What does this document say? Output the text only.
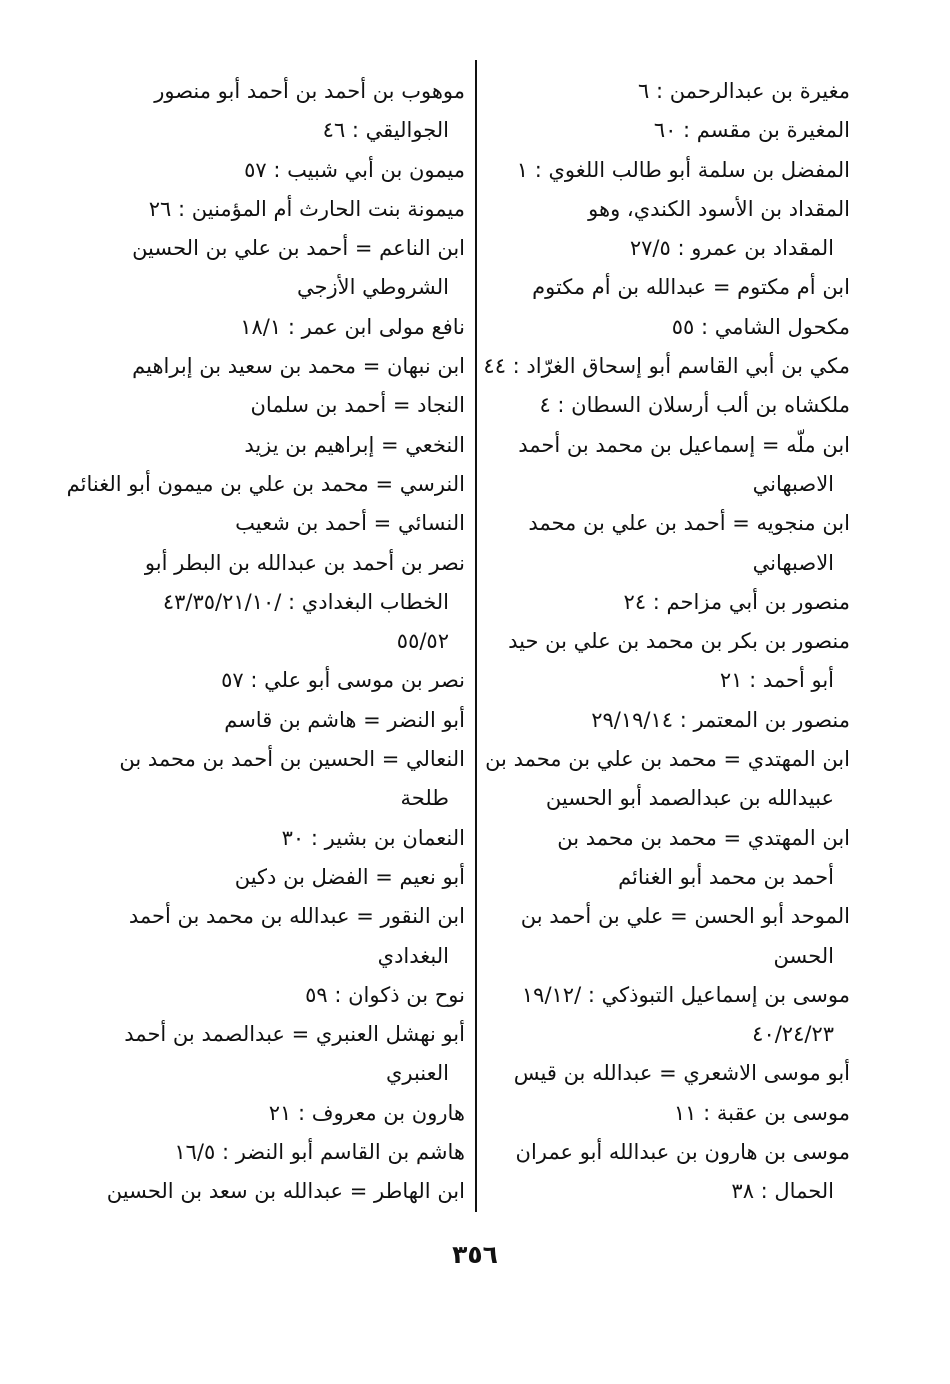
مغيرة بن عبدالرحمن : ٦
المغيرة بن مقسم : ٦٠
المفضل بن سلمة أبو طالب اللغوي : ١
المقداد بن الأسود الكندي، وهو
المقداد بن عمرو : ٢٧/٥
ابن أم مكتوم = عبدالله بن أم مكتوم
مكحول الشامي : ٥٥
مكي بن أبي القاسم أبو إسحاق الغرّاد : ٤٤
ملكشاه بن ألب أرسلان السطان : ٤
ابن ملّه = إسماعيل بن محمد بن أحمد
الاصبهاني
ابن منجويه = أحمد بن علي بن محمد
الاصبهاني
منصور بن أبي مزاحم : ٢٤
منصور بن بكر بن محمد بن علي بن حيد
أبو أحمد : ٢١
منصور بن المعتمر : ٢٩/١٩/١٤
ابن المهتدي = محمد بن علي بن محمد بن
عبيدالله بن عبدالصمد أبو الحسين
ابن المهتدي = محمد بن محمد بن
أحمد بن محمد أبو الغنائم
الموحد أبو الحسن = علي بن أحمد بن
الحسن
موسى بن إسماعيل التبوذكي : /١٩/١٢
٤٠/٢٤/٢٣
أبو موسى الاشعري = عبدالله بن قيس
موسى بن عقبة : ١١
موسى بن هارون بن عبدالله أبو عمران
الحمال : ٣٨
موهوب بن أحمد بن أحمد أبو منصور
الجواليقي : ٤٦
ميمون بن أبي شبيب : ٥٧
ميمونة بنت الحارث أم المؤمنين : ٢٦
ابن الناعم = أحمد بن علي بن الحسين
الشروطي الأزجي
نافع مولى ابن عمر : ١٨/١
ابن نبهان = محمد بن سعيد بن إبراهيم
النجاد = أحمد بن سلمان
النخعي = إبراهيم بن يزيد
النرسي = محمد بن علي بن ميمون أبو الغنائم
النسائي = أحمد بن شعيب
نصر بن أحمد بن عبدالله بن البطر أبو
الخطاب البغدادي : /٤٣/٣٥/٢١/١٠
٥٥/٥٢
نصر بن موسى أبو علي : ٥٧
أبو النضر = هاشم بن قاسم
النعالي = الحسين بن أحمد بن محمد بن
طلحة
النعمان بن بشير : ٣٠
أبو نعيم = الفضل بن دكين
ابن النقور = عبدالله بن محمد بن أحمد
البغدادي
نوح بن ذكوان : ٥٩
أبو نهشل العنبري = عبدالصمد بن أحمد
العنبري
هارون بن معروف : ٢١
هاشم بن القاسم أبو النضر : ١٦/٥
ابن الهاطر = عبدالله بن سعد بن الحسين
٣٥٦
